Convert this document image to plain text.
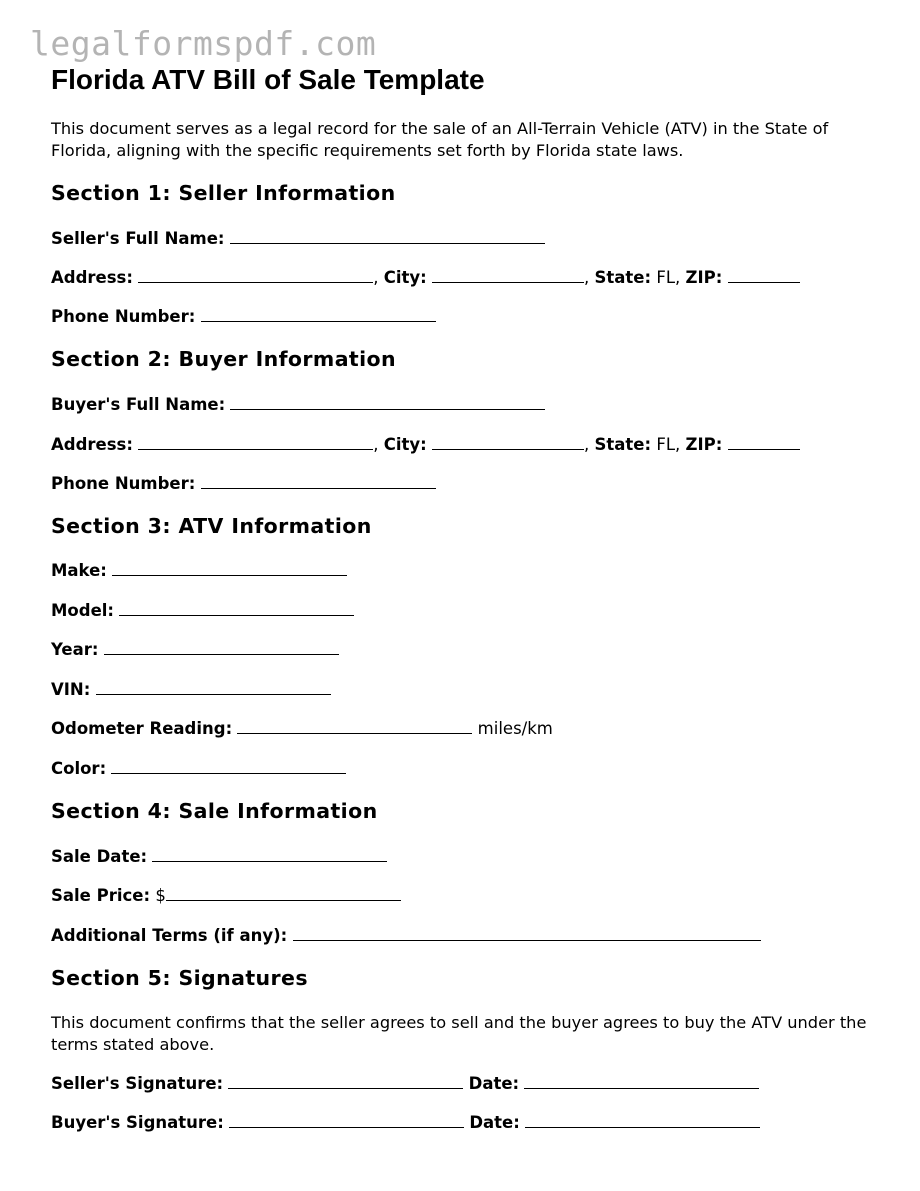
legalformspdf.com
Florida ATV Bill of Sale Template
This document serves as a legal record for the sale of an All-Terrain Vehicle (ATV) in the State of Florida, aligning with the specific requirements set forth by Florida state laws.
Section 1: Seller Information
Seller's Full Name:
Address:	, City:	, State: FL, ZIP:
Phone Number:
Section 2: Buyer Information
Buyer's Full Name:
Address:	, City:	, State: FL, ZIP:
Phone Number:
Section 3: ATV Information
Make:
Model:
Year:
VIN:
Odometer Reading:	miles/km
Color:
Section 4: Sale Information
Sale Date:
Sale Price: $
Additional Terms (if any):
Section 5: Signatures
This document confirms that the seller agrees to sell and the buyer agrees to buy the ATV under the terms stated above.
Seller's Signature:	Date:
Buyer's Signature:	Date:
